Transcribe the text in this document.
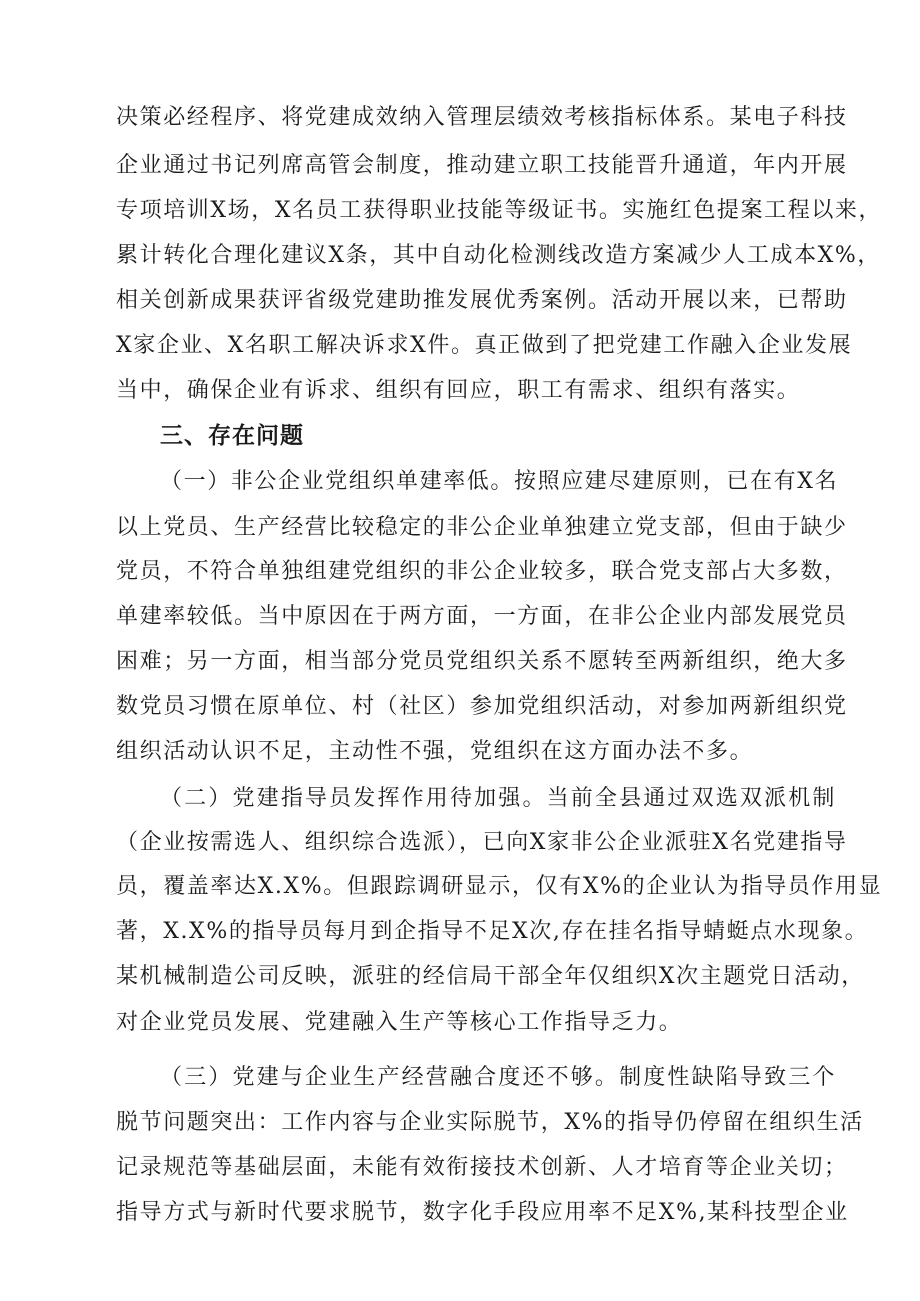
决策必经程序、将党建成效纳入管理层绩效考核指标体系。某电子科技
企业通过书记列席高管会制度，推动建立职工技能晋升通道，年内开展
专项培训X场，X名员工获得职业技能等级证书。实施红色提案工程以来，
累计转化合理化建议X条，其中自动化检测线改造方案减少人工成本X%，
相关创新成果获评省级党建助推发展优秀案例。活动开展以来，已帮助
X家企业、X名职工解决诉求X件。真正做到了把党建工作融入企业发展
当中，确保企业有诉求、组织有回应，职工有需求、组织有落实。
三、存在问题
（一）非公企业党组织单建率低。按照应建尽建原则，已在有X名
以上党员、生产经营比较稳定的非公企业单独建立党支部，但由于缺少
党员，不符合单独组建党组织的非公企业较多，联合党支部占大多数，
单建率较低。当中原因在于两方面，一方面，在非公企业内部发展党员
困难；另一方面，相当部分党员党组织关系不愿转至两新组织，绝大多
数党员习惯在原单位、村（社区）参加党组织活动，对参加两新组织党
组织活动认识不足，主动性不强，党组织在这方面办法不多。
（二）党建指导员发挥作用待加强。当前全县通过双选双派机制
（企业按需选人、组织综合选派），已向X家非公企业派驻X名党建指导
员，覆盖率达X.X%。但跟踪调研显示，仅有X%的企业认为指导员作用显
著，X.X%的指导员每月到企指导不足X次,存在挂名指导蜻蜓点水现象。
某机械制造公司反映，派驻的经信局干部全年仅组织X次主题党日活动，
对企业党员发展、党建融入生产等核心工作指导乏力。
（三）党建与企业生产经营融合度还不够。制度性缺陷导致三个
脱节问题突出：工作内容与企业实际脱节，X%的指导仍停留在组织生活
记录规范等基础层面，未能有效衔接技术创新、人才培育等企业关切；
指导方式与新时代要求脱节，数字化手段应用率不足X%,某科技型企业
